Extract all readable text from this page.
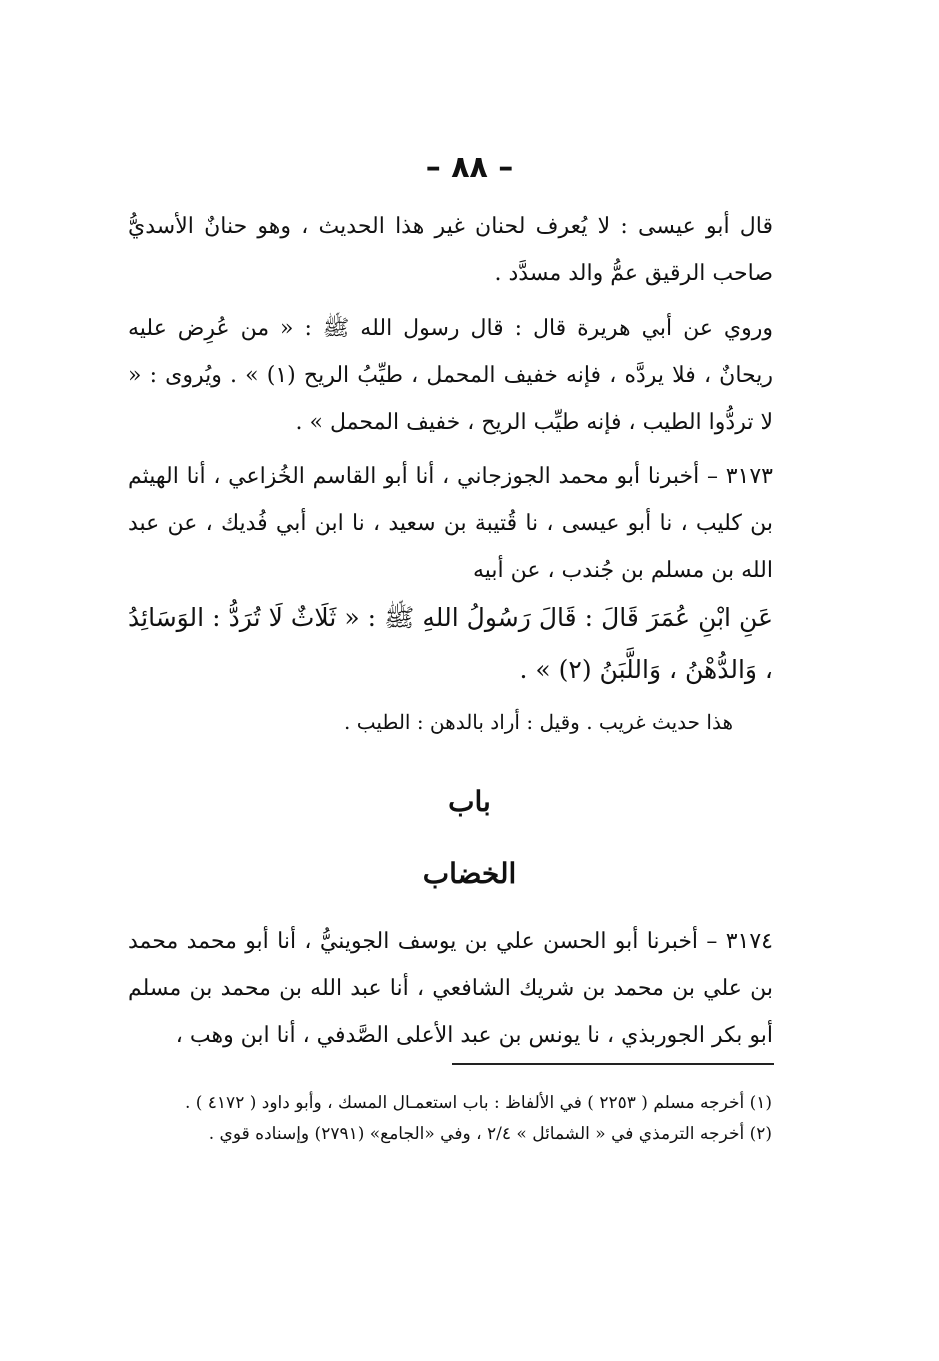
– ٨٨ –
قال أبو عيسى : لا يُعرف لحنان غير هذا الحديث ، وهو حنانٌ الأسديُّ صاحب الرقيق عمُّ والد مسدَّد .
وروي عن أبي هريرة قال : قال رسول الله ﷺ : « من عُرِض عليه ريحانٌ ، فلا يردَّه ، فإنه خفيف المحمل ، طيِّبُ الريح (١) » . ويُروى : « لا تردُّوا الطيب ، فإنه طيِّب الريح ، خفيف المحمل » .
٣١٧٣ – أخبرنا أبو محمد الجوزجاني ، أنا أبو القاسم الخُزاعي ، أنا الهيثم بن كليب ، نا أبو عيسى ، نا قُتيبة بن سعيد ، نا ابن أبي فُديك ، عن عبد الله بن مسلم بن جُندب ، عن أبيه
عَنِ ابْنِ عُمَرَ قَالَ : قَالَ رَسُولُ اللهِ ﷺ : « ثَلَاثٌ لَا تُرَدُّ : الوَسَائِدُ ، وَالدُّهْنُ ، وَاللَّبَنُ (٢) » .
هذا حديث غريب . وقيل : أراد بالدهن : الطيب .
باب
الخضاب
٣١٧٤ – أخبرنا أبو الحسن علي بن يوسف الجوينيُّ ، أنا أبو محمد محمد بن علي بن محمد بن شريك الشافعي ، أنا عبد الله بن محمد بن مسلم أبو بكر الجوربذي ، نا يونس بن عبد الأعلى الصَّدفي ، أنا ابن وهب ،

(١) أخرجه مسلم ( ٢٢٥٣ ) في الألفاظ : باب استعمـال المسك ، وأبو داود ( ٤١٧٢ ) .

(٢) أخرجه الترمذي في « الشمائل » ٢/٤ ، وفي «الجامع» (٢٧٩١) وإسناده قوي .
